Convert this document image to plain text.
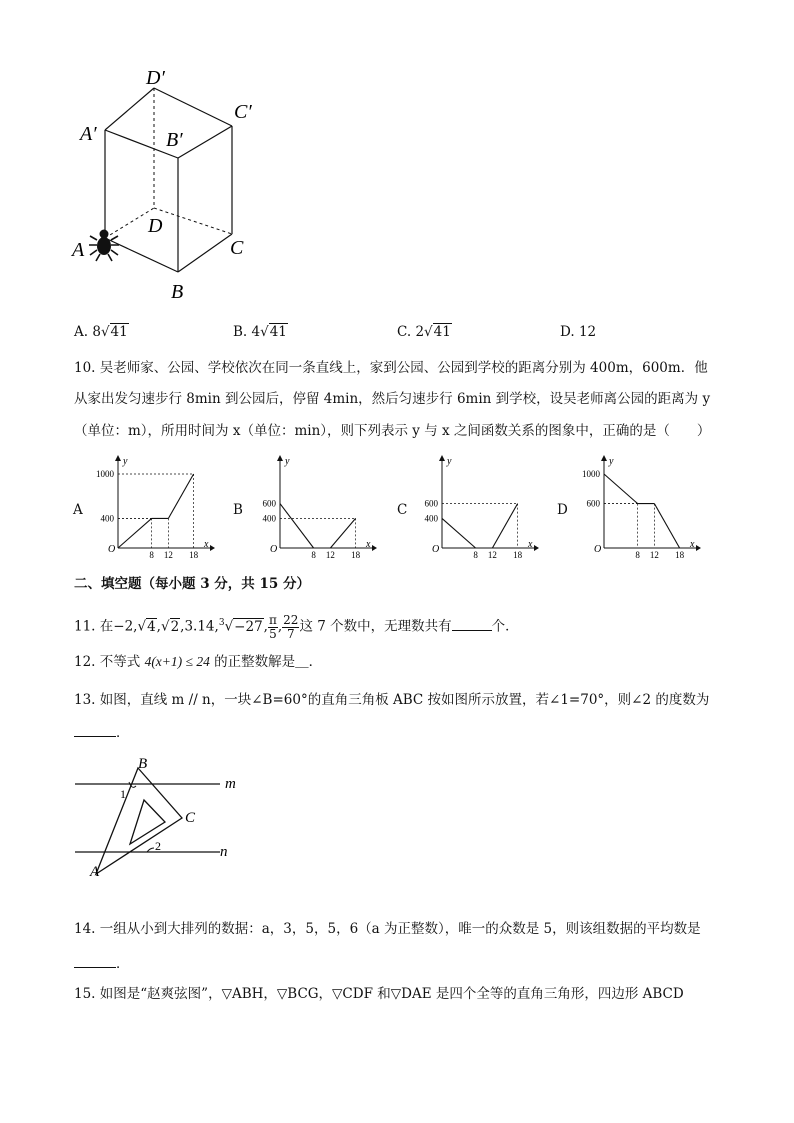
D′
C′
A′	B′
D
C
A
B
A. 8√41	B. 4√41	C. 2√41	D. 12
10. 吴老师家、公园、学校依次在同一条直线上，家到公园、公园到学校的距离分别为 400m，600m．他
从家出发匀速步行 8min 到公园后，停留 4min，然后匀速步行 6min 到学校，设吴老师离公园的距离为 y
（单位：m），所用时间为 x（单位：min），则下列表示 y 与 x 之间函数关系的图象中，正确的是（　　）
A	B	C	D
y
x
O
1000
400
8 12 18
y
x
O
600
400
8 12 18
y
x
O
600
400
8 12 18
y
x
O
1000
600
8 12 18
二、填空题（每小题 3 分，共 15 分）
11. 在−2,√4,√2,3.14,$^3$√−27, $\frac{\pi}{5}$ , $\frac{22}{7}$ 这 7 个数中，无理数共有	个．
12. 不等式 4(x+1) ≤ 24 的正整数解是＿．
13. 如图，直线 m // n，一块∠B=60°的直角三角板 ABC 按如图所示放置，若∠1=70°，则∠2 的度数为
．
B
m
1
C
2	n
A
14. 一组从小到大排列的数据：a，3，5，5，6（a 为正整数），唯一的众数是 5，则该组数据的平均数是
．
15. 如图是“赵爽弦图”，▽ABH，▽BCG，▽CDF 和▽DAE 是四个全等的直角三角形，四边形 ABCD
